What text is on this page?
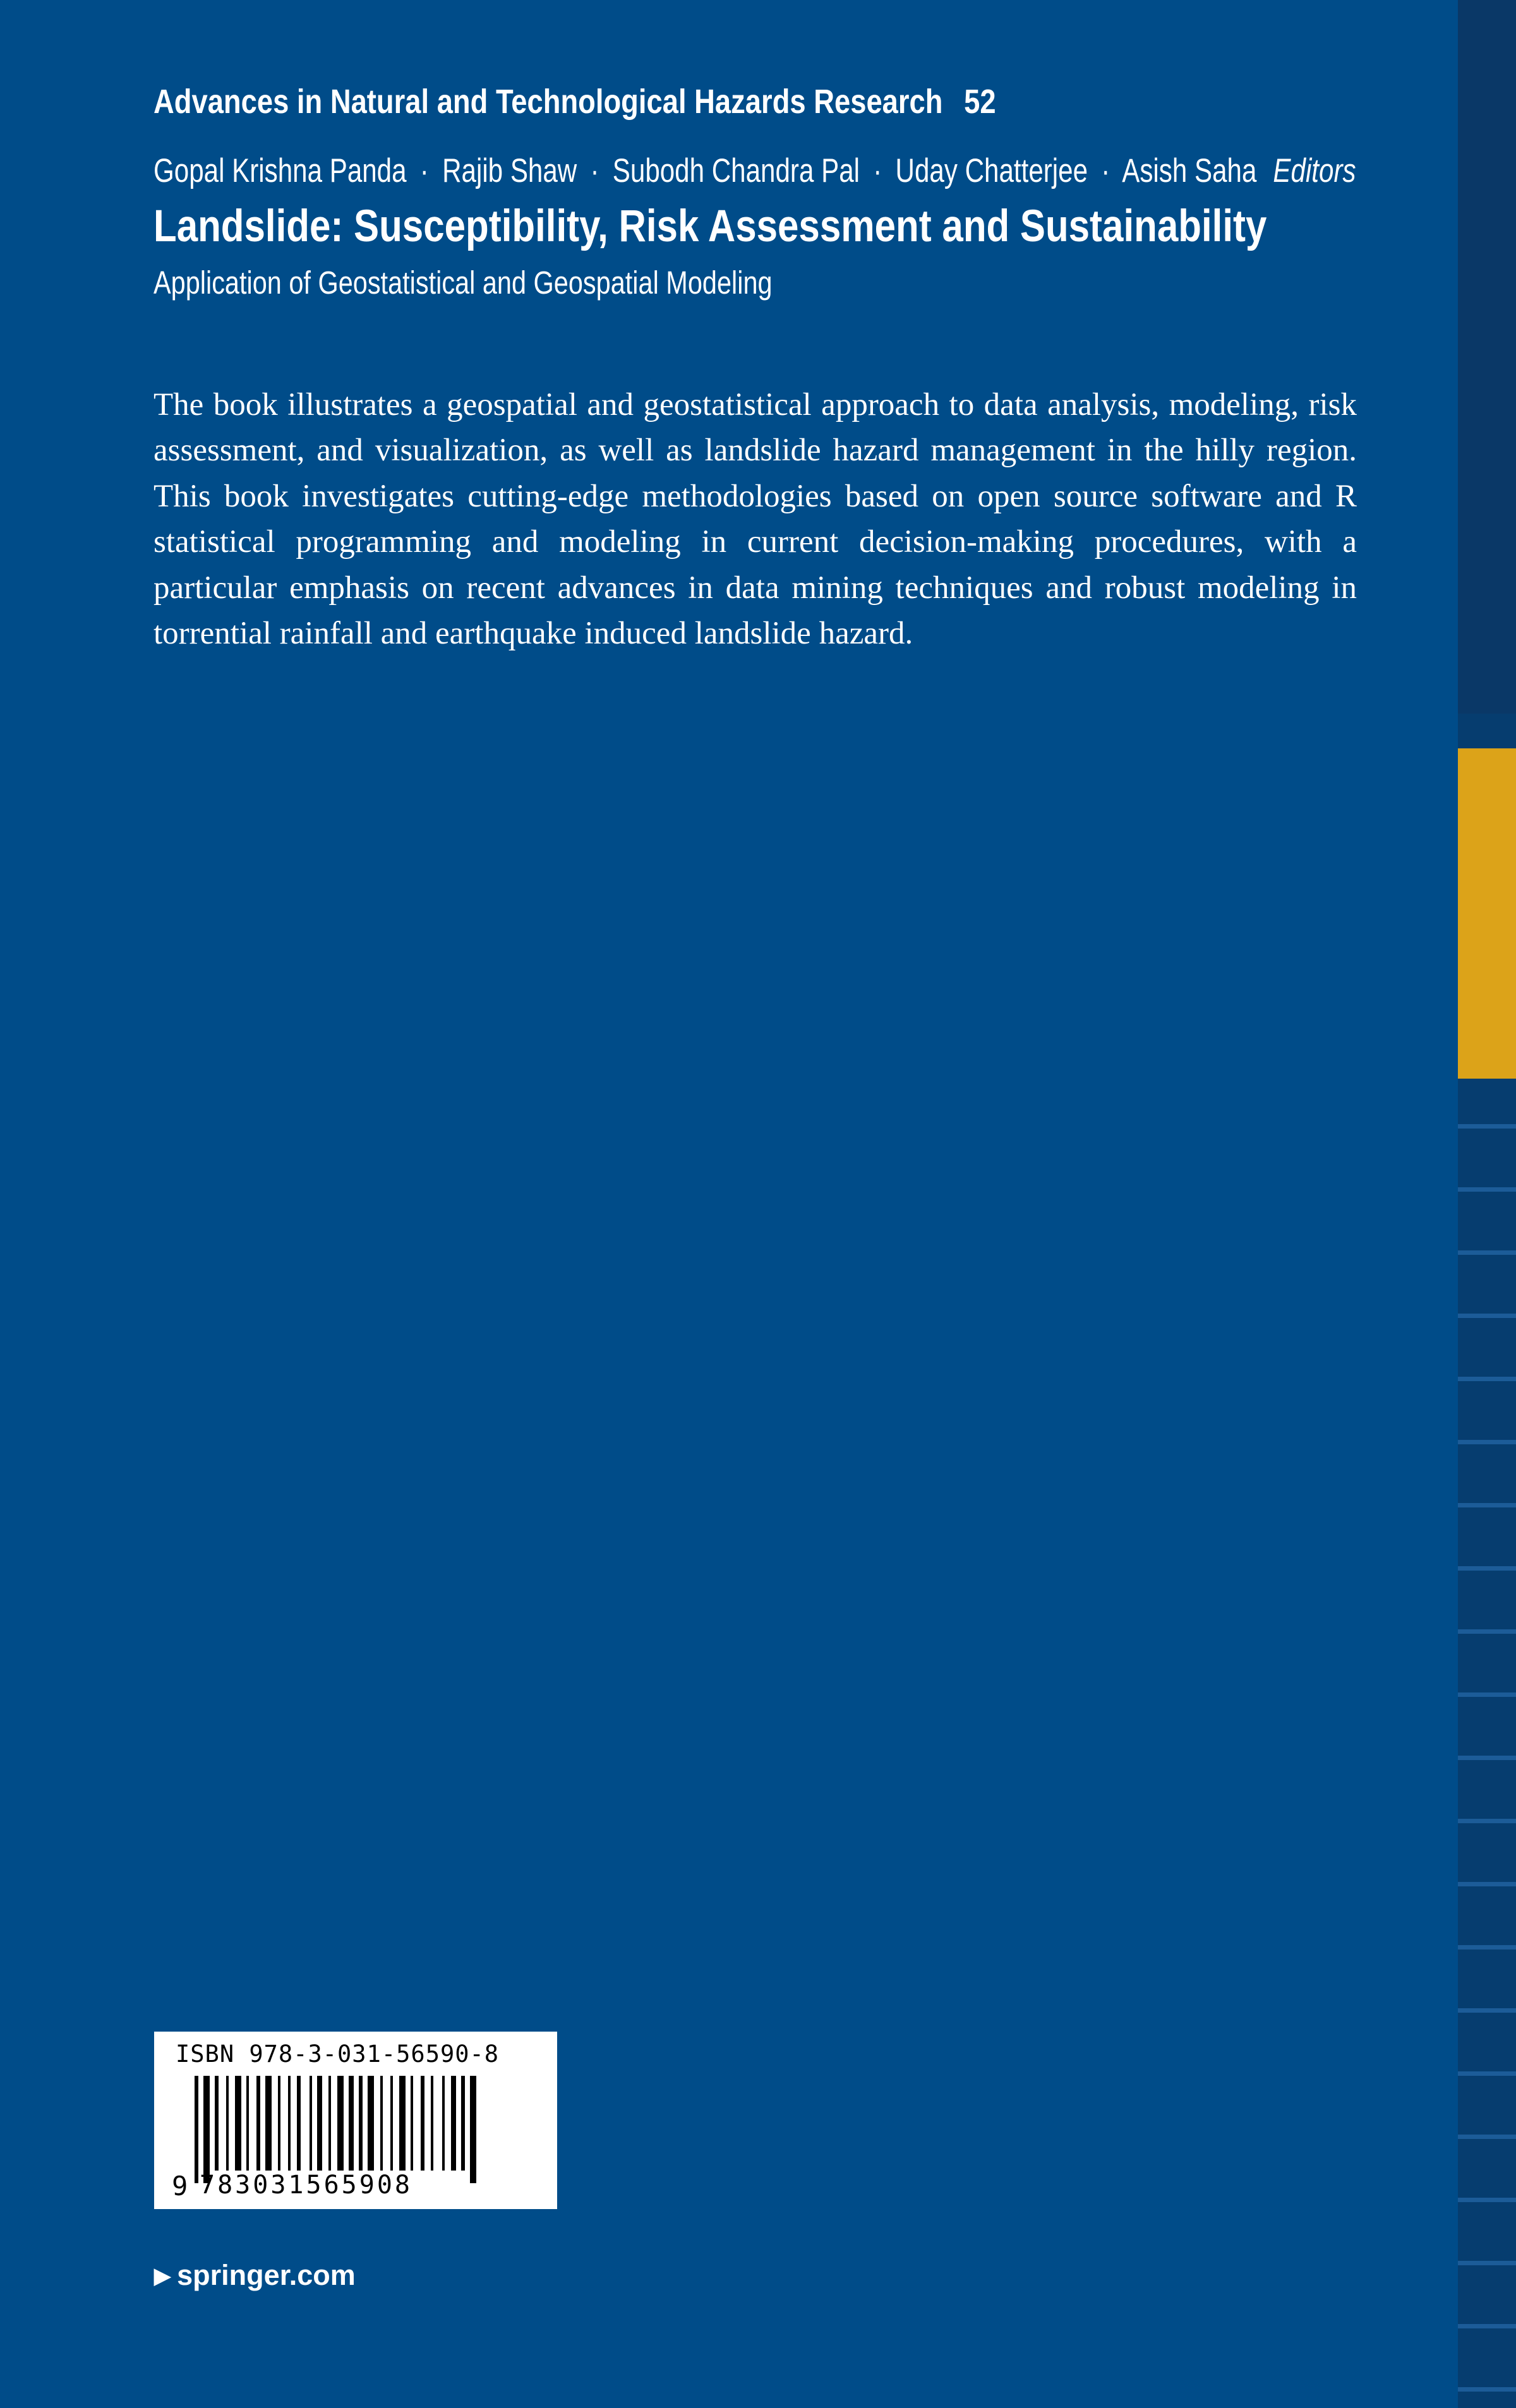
Advances in Natural and Technological Hazards Research 52
Gopal Krishna Panda · Rajib Shaw · Subodh Chandra Pal · Uday Chatterjee · Asish Saha Editors
Landslide: Susceptibility, Risk Assessment and Sustainability
Application of Geostatistical and Geospatial Modeling
The book illustrates a geospatial and geostatistical approach to data analysis, modeling, risk assessment, and visualization, as well as landslide hazard management in the hilly region. This book investigates cutting-edge methodologies based on open source software and R statistical programming and modeling in current decision-making procedures, with a particular emphasis on recent advances in data mining techniques and robust modeling in torrential rainfall and earthquake induced landslide hazard.
ISBN 978-3-031-56590-8
9 783031565908
▶ springer.com
